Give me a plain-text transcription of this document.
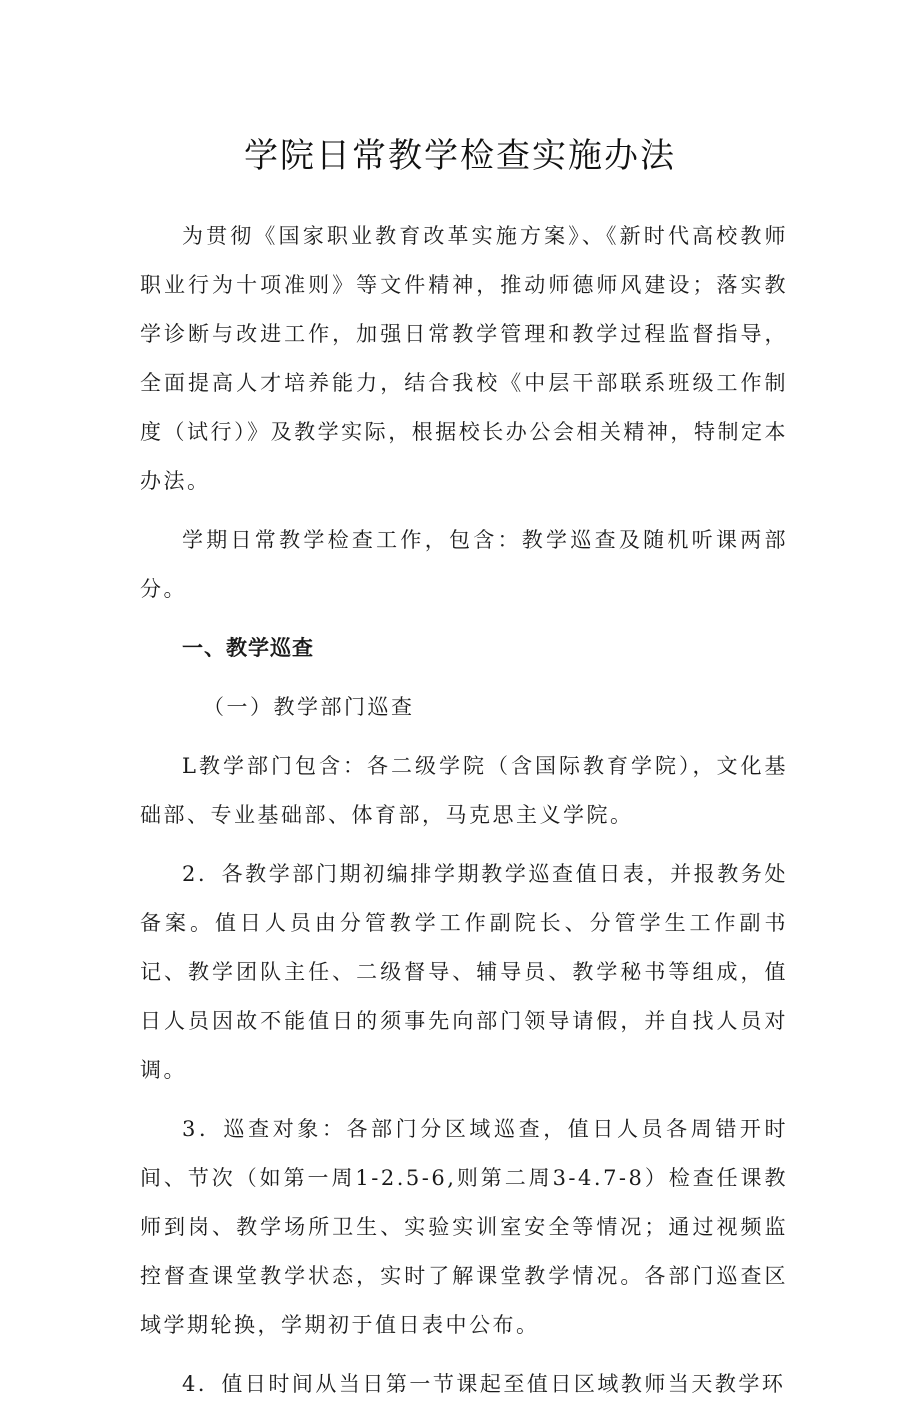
学院日常教学检查实施办法

为贯彻《国家职业教育改革实施方案》、《新时代高校教师职业行为十项准则》等文件精神，推动师德师风建设；落实教学诊断与改进工作，加强日常教学管理和教学过程监督指导，全面提高人才培养能力，结合我校《中层干部联系班级工作制度（试行）》及教学实际，根据校长办公会相关精神，特制定本办法。

学期日常教学检查工作，包含：教学巡查及随机听课两部分。

一、教学巡查

（一）教学部门巡查

L教学部门包含：各二级学院（含国际教育学院），文化基础部、专业基础部、体育部，马克思主义学院。

2．各教学部门期初编排学期教学巡查值日表，并报教务处备案。值日人员由分管教学工作副院长、分管学生工作副书记、教学团队主任、二级督导、辅导员、教学秘书等组成，值日人员因故不能值日的须事先向部门领导请假，并自找人员对调。

3．巡查对象：各部门分区域巡查，值日人员各周错开时间、节次（如第一周1-2.5-6,则第二周3-4.7-8）检查任课教师到岗、教学场所卫生、实验实训室安全等情况；通过视频监控督查课堂教学状态，实时了解课堂教学情况。各部门巡查区域学期轮换，学期初于值日表中公布。

4．值日时间从当日第一节课起至值日区域教师当天教学环
